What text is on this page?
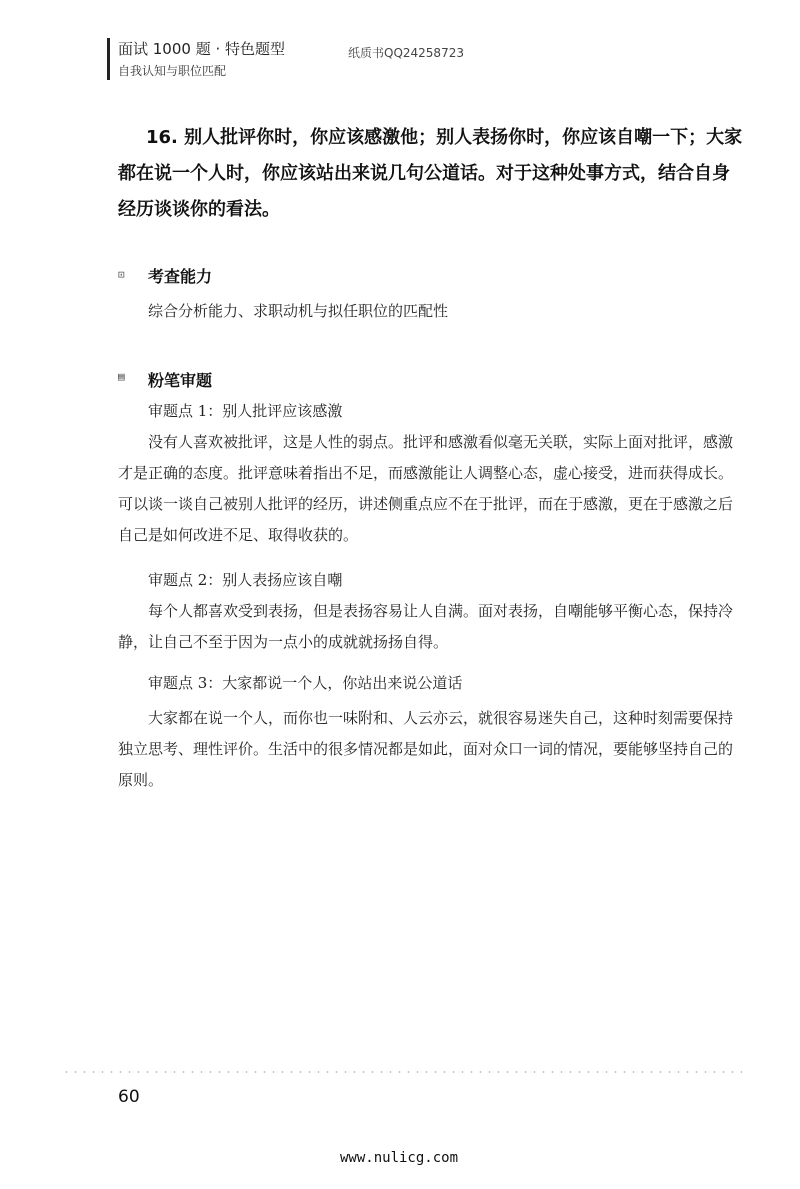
面试 1000 题 · 特色题型
自我认知与职位匹配
纸质书QQ24258723

16. 别人批评你时，你应该感激他；别人表扬你时，你应该自嘲一下；大家都在说一个人时，你应该站出来说几句公道话。对于这种处事方式，结合自身经历谈谈你的看法。

⊡ 考查能力

综合分析能力、求职动机与拟任职位的匹配性

▤ 粉笔审题

审题点 1：别人批评应该感激

没有人喜欢被批评，这是人性的弱点。批评和感激看似毫无关联，实际上面对批评，感激才是正确的态度。批评意味着指出不足，而感激能让人调整心态，虚心接受，进而获得成长。可以谈一谈自己被别人批评的经历，讲述侧重点应不在于批评，而在于感激，更在于感激之后自己是如何改进不足、取得收获的。

审题点 2：别人表扬应该自嘲

每个人都喜欢受到表扬，但是表扬容易让人自满。面对表扬，自嘲能够平衡心态，保持冷静，让自己不至于因为一点小的成就就扬扬自得。

审题点 3：大家都说一个人，你站出来说公道话

大家都在说一个人，而你也一味附和、人云亦云，就很容易迷失自己，这种时刻需要保持独立思考、理性评价。生活中的很多情况都是如此，面对众口一词的情况，要能够坚持自己的原则。

60
www.nulicg.com
